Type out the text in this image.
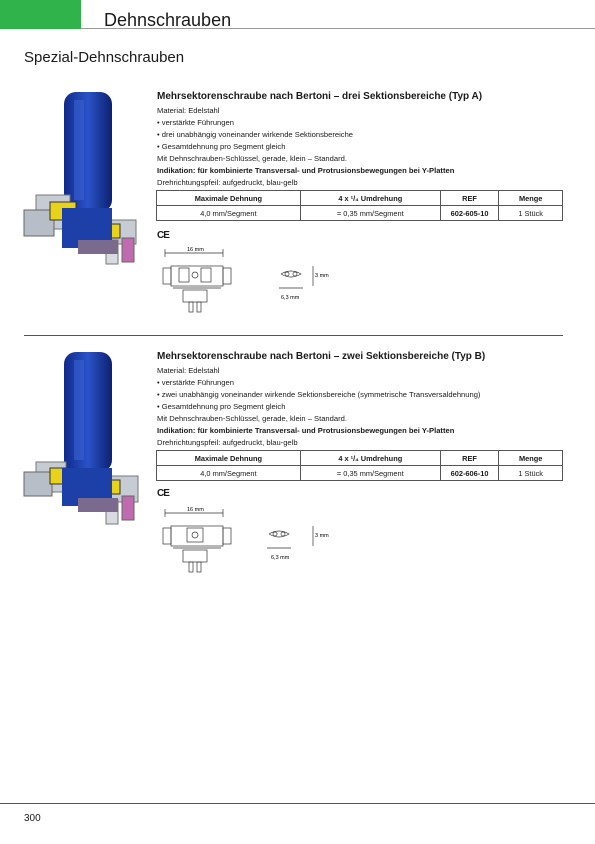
Dehnschrauben
Spezial-Dehnschrauben
Mehrsektorenschraube nach Bertoni – drei Sektionsbereiche (Typ A)
Material: Edelstahl
• verstärkte Führungen
• drei unabhängig voneinander wirkende Sektionsbereiche
• Gesamtdehnung pro Segment gleich
Mit Dehnschrauben-Schlüssel, gerade, klein – Standard.
Indikation: für kombinierte Transversal- und Protrusionsbewegungen bei Y-Platten
Drehrichtungspfeil: aufgedruckt, blau-gelb
Maximale Dehnung	4 x ¹/₄ Umdrehung	REF	Menge
4,0 mm/Segment	= 0,35 mm/Segment	602-605-10	1 Stück
CE
16 mm
3 mm
6,3 mm
Mehrsektorenschraube nach Bertoni – zwei Sektionsbereiche (Typ B)
Material: Edelstahl
• verstärkte Führungen
• zwei unabhängig voneinander wirkende Sektionsbereiche (symmetrische Transversaldehnung)
• Gesamtdehnung pro Segment gleich
Mit Dehnschrauben-Schlüssel, gerade, klein – Standard.
Indikation: für kombinierte Transversal- und Protrusionsbewegungen bei Y-Platten
Drehrichtungspfeil: aufgedruckt, blau-gelb
Maximale Dehnung	4 x ¹/₄ Umdrehung	REF	Menge
4,0 mm/Segment	= 0,35 mm/Segment	602-606-10	1 Stück
CE
16 mm
3 mm
6,3 mm
300
